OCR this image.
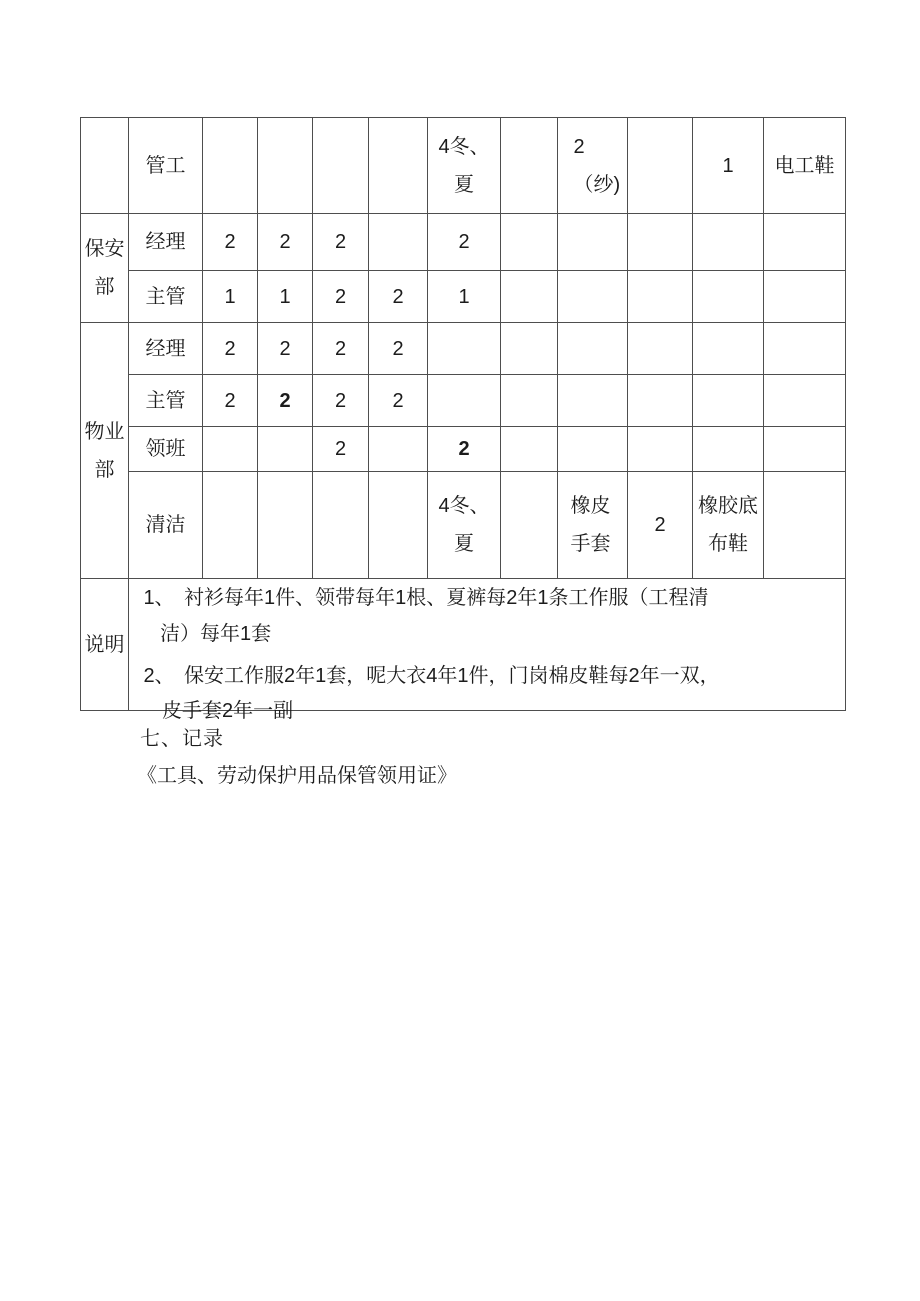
	管工					4冬、夏		2（纱)		1	电工鞋
保安部	经理	2	2	2		2					
	主管	1	1	2	2	1					
物业部	经理	2	2	2	2						
	主管	2	2	2	2						
	领班			2		2					
	清洁					4冬、夏		橡皮手套	2	橡胶底布鞋	
说明	1、 衬衫每年1件、领带每年1根、夏裤每2年1条工作服（工程清
洁）每年1套
2、 保安工作服2年1套，呢大衣4年1件，门岗棉皮鞋每2年一双，
皮手套2年一副										
七、记录
《工具、劳动保护用品保管领用证》
